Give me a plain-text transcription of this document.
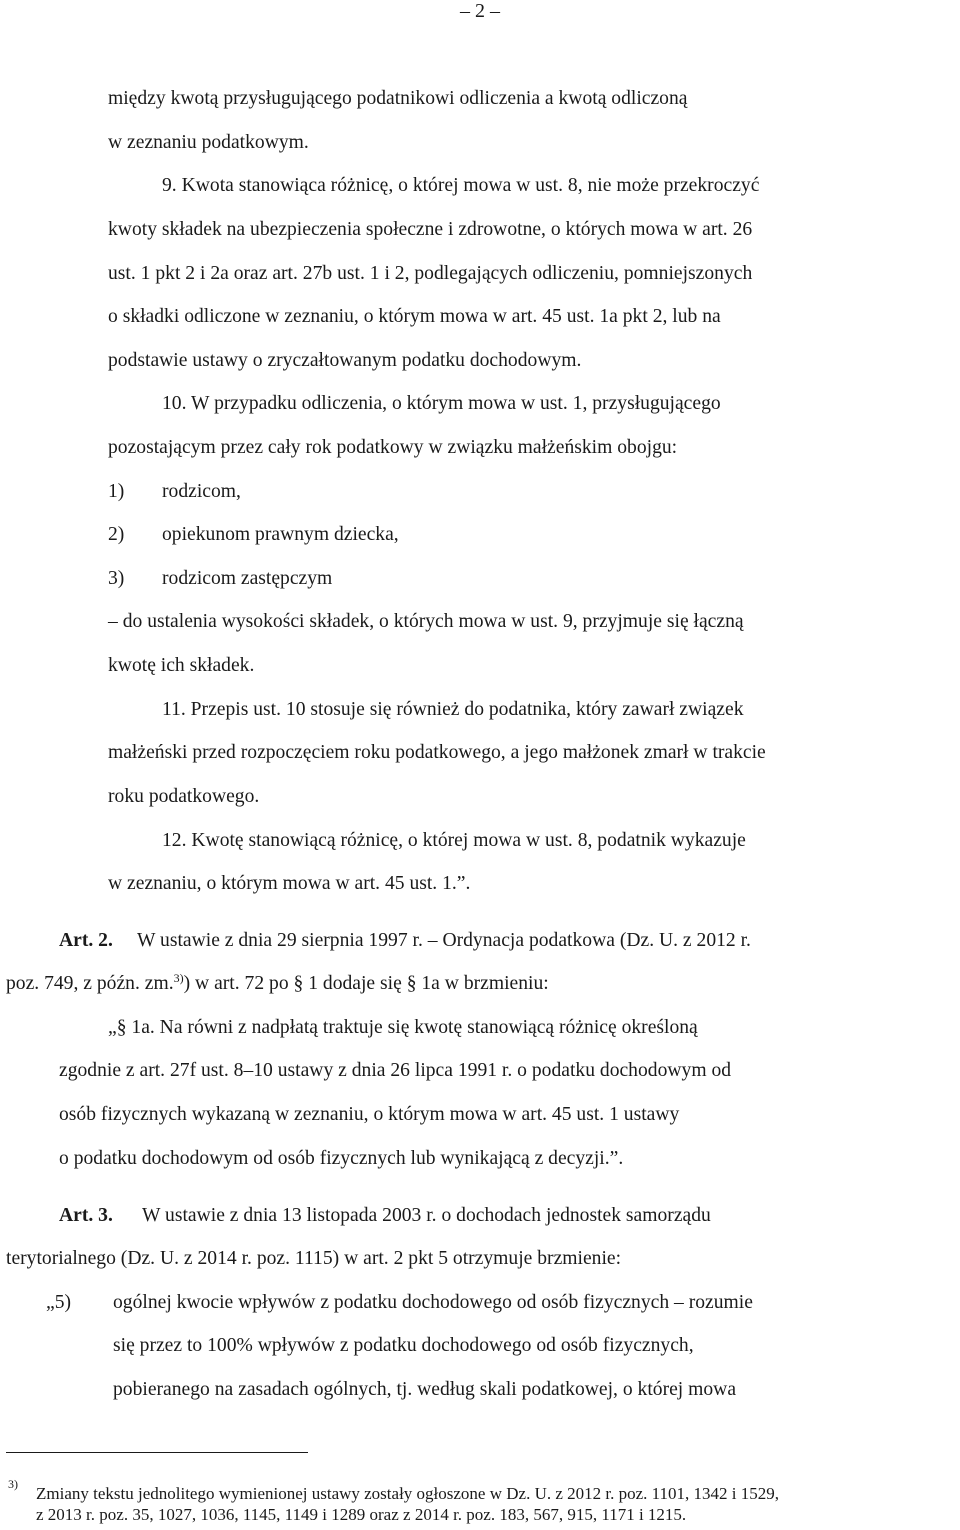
– 2 –
między kwotą przysługującego podatnikowi odliczenia a kwotą odliczoną
w zeznaniu podatkowym.
9. Kwota stanowiąca różnicę, o której mowa w ust. 8, nie może przekroczyć
kwoty składek na ubezpieczenia społeczne i zdrowotne, o których mowa w art. 26
ust. 1 pkt 2 i 2a oraz art. 27b ust. 1 i 2, podlegających odliczeniu, pomniejszonych
o składki odliczone w zeznaniu, o którym mowa w art. 45 ust. 1a pkt 2, lub na
podstawie ustawy o zryczałtowanym podatku dochodowym.
10. W przypadku odliczenia, o którym mowa w ust. 1, przysługującego
pozostającym przez cały rok podatkowy w związku małżeńskim obojgu:
1) rodzicom,
2) opiekunom prawnym dziecka,
3) rodzicom zastępczym
– do ustalenia wysokości składek, o których mowa w ust. 9, przyjmuje się łączną
kwotę ich składek.
11. Przepis ust. 10 stosuje się również do podatnika, który zawarł związek
małżeński przed rozpoczęciem roku podatkowego, a jego małżonek zmarł w trakcie
roku podatkowego.
12. Kwotę stanowiącą różnicę, o której mowa w ust. 8, podatnik wykazuje
w zeznaniu, o którym mowa w art. 45 ust. 1.”.
Art. 2. W ustawie z dnia 29 sierpnia 1997 r. – Ordynacja podatkowa (Dz. U. z 2012 r.
poz. 749, z późn. zm.$^{3)}$) w art. 72 po § 1 dodaje się § 1a w brzmieniu:
„§ 1a. Na równi z nadpłatą traktuje się kwotę stanowiącą różnicę określoną
zgodnie z art. 27f ust. 8–10 ustawy z dnia 26 lipca 1991 r. o podatku dochodowym od
osób fizycznych wykazaną w zeznaniu, o którym mowa w art. 45 ust. 1 ustawy
o podatku dochodowym od osób fizycznych lub wynikającą z decyzji.”.
Art. 3. W ustawie z dnia 13 listopada 2003 r. o dochodach jednostek samorządu
terytorialnego (Dz. U. z 2014 r. poz. 1115) w art. 2 pkt 5 otrzymuje brzmienie:
„5) ogólnej kwocie wpływów z podatku dochodowego od osób fizycznych – rozumie
się przez to 100% wpływów z podatku dochodowego od osób fizycznych,
pobieranego na zasadach ogólnych, tj. według skali podatkowej, o której mowa
3) Zmiany tekstu jednolitego wymienionej ustawy zostały ogłoszone w Dz. U. z 2012 r. poz. 1101, 1342 i 1529,
z 2013 r. poz. 35, 1027, 1036, 1145, 1149 i 1289 oraz z 2014 r. poz. 183, 567, 915, 1171 i 1215.
